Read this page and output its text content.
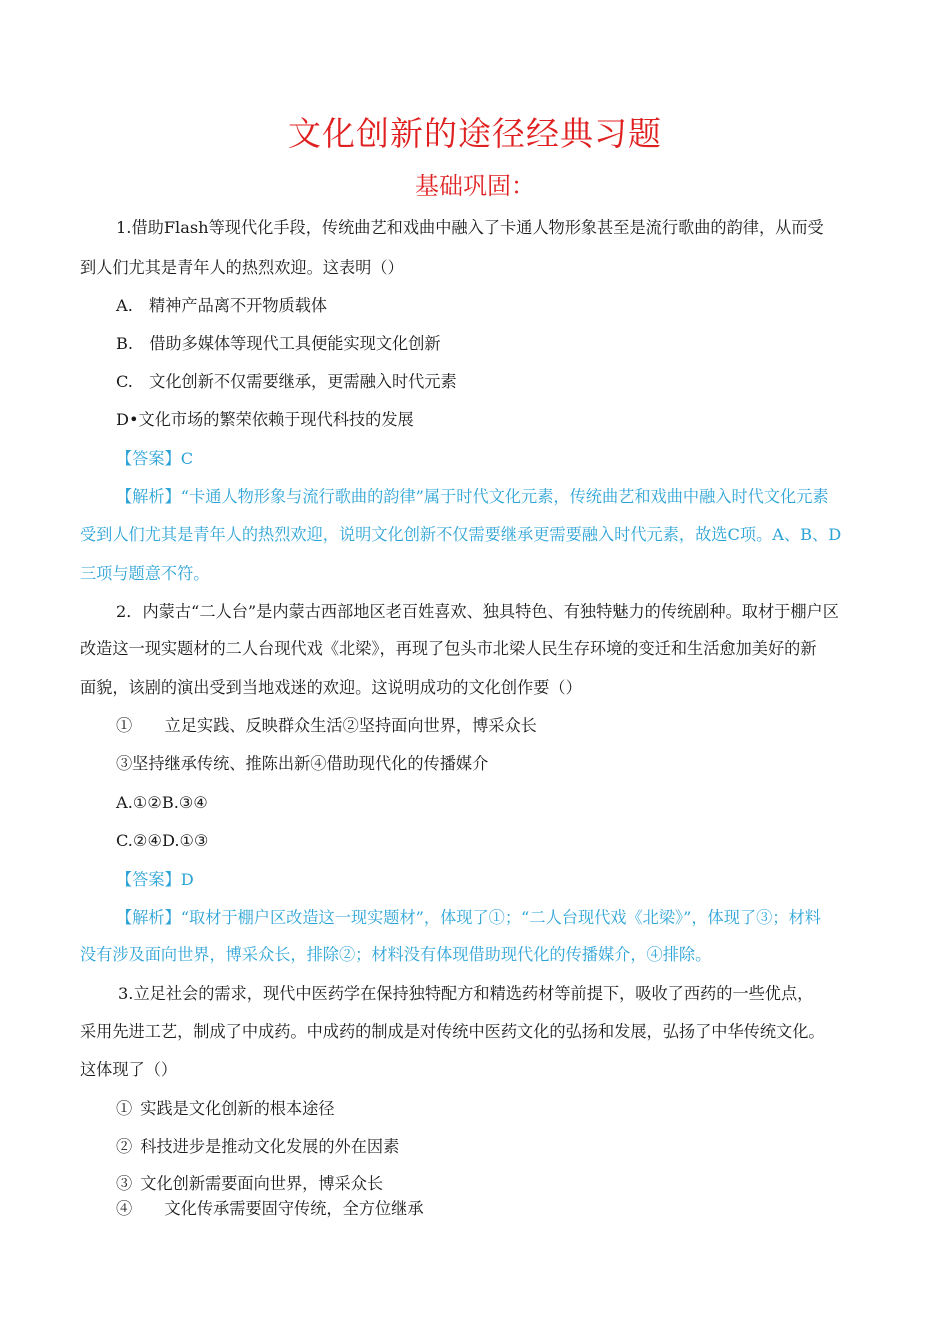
文化创新的途径经典习题
基础巩固：
1.借助Flash等现代化手段，传统曲艺和戏曲中融入了卡通人物形象甚至是流行歌曲的韵律，从而受
到人们尤其是青年人的热烈欢迎。这表明（）
A.　精神产品离不开物质载体
B.　借助多媒体等现代工具便能实现文化创新
C.　文化创新不仅需要继承，更需融入时代元素
D•文化市场的繁荣依赖于现代科技的发展
【答案】C
【解析】“卡通人物形象与流行歌曲的韵律”属于时代文化元素，传统曲艺和戏曲中融入时代文化元素
受到人们尤其是青年人的热烈欢迎，说明文化创新不仅需要继承更需要融入时代元素，故选C项。A、B、D
三项与题意不符。
2．内蒙古“二人台”是内蒙古西部地区老百姓喜欢、独具特色、有独特魅力的传统剧种。取材于棚户区
改造这一现实题材的二人台现代戏《北梁》，再现了包头市北梁人民生存环境的变迁和生活愈加美好的新
面貌，该剧的演出受到当地戏迷的欢迎。这说明成功的文化创作要（）
①　　立足实践、反映群众生活②坚持面向世界，博采众长
③坚持继承传统、推陈出新④借助现代化的传播媒介
A.①②B.③④
C.②④D.①③
【答案】D
【解析】“取材于棚户区改造这一现实题材”，体现了①；“二人台现代戏《北梁》”，体现了③；材料
没有涉及面向世界，博采众长，排除②；材料没有体现借助现代化的传播媒介，④排除。
3.立足社会的需求，现代中医药学在保持独特配方和精选药材等前提下，吸收了西药的一些优点，
采用先进工艺，制成了中成药。中成药的制成是对传统中医药文化的弘扬和发展，弘扬了中华传统文化。
这体现了（）
① 实践是文化创新的根本途径
② 科技进步是推动文化发展的外在因素
③ 文化创新需要面向世界，博采众长
④　　文化传承需要固守传统，全方位继承
